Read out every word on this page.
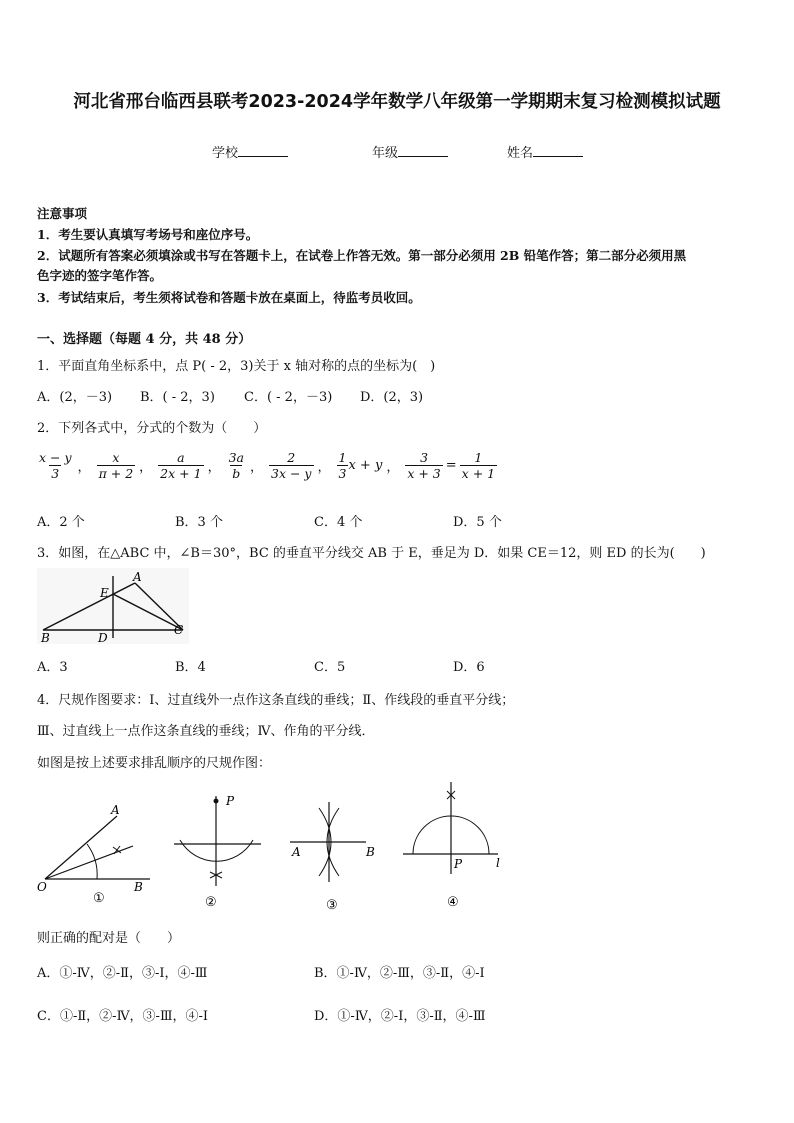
河北省邢台临西县联考2023-2024学年数学八年级第一学期期末复习检测模拟试题
学校	年级	姓名
注意事项
1．考生要认真填写考场号和座位序号。
2．试题所有答案必须填涂或书写在答题卡上，在试卷上作答无效。第一部分必须用 2B 铅笔作答；第二部分必须用黑
色字迹的签字笔作答。
3．考试结束后，考生须将试卷和答题卡放在桌面上，待监考员收回。
一、选择题（每题 4 分，共 48 分）
1．平面直角坐标系中，点 P( - 2，3)关于 x 轴对称的点的坐标为(　)
A．(2，－3) B．( - 2，3) C．( - 2，－3) D．(2，3)
2．下列各式中，分式的个数为（　　）
$\frac{x - y}{3}$ ， $\frac{x}{\pi + 2}$ ， $\frac{a}{2x + 1}$ ， $\frac{3a}{b}$ ， $\frac{2}{3x - y}$ ， $\frac{1}{3}$ x + y ， $\frac{3}{x + 3} = \frac{1}{x + 1}$
A．2 个	B．3 个	C．4 个	D．5 个
3．如图，在△ABC 中，∠B＝30°，BC 的垂直平分线交 AB 于 E，垂足为 D．如果 CE＝12，则 ED 的长为(　　)
A
E
B	D
C
A．3	B．4	C．5	D．6
4．尺规作图要求：Ⅰ、过直线外一点作这条直线的垂线；Ⅱ、作线段的垂直平分线；
Ⅲ、过直线上一点作这条直线的垂线；Ⅳ、作角的平分线．
如图是按上述要求排乱顺序的尺规作图：
A
O	B
①
P
②
A	B
③
P	l
④
则正确的配对是（　　）
A．①-Ⅳ，②-Ⅱ，③-Ⅰ，④-Ⅲ	B．①-Ⅳ，②-Ⅲ，③-Ⅱ，④-Ⅰ
C．①-Ⅱ，②-Ⅳ，③-Ⅲ，④-Ⅰ	D．①-Ⅳ，②-Ⅰ，③-Ⅱ，④-Ⅲ
